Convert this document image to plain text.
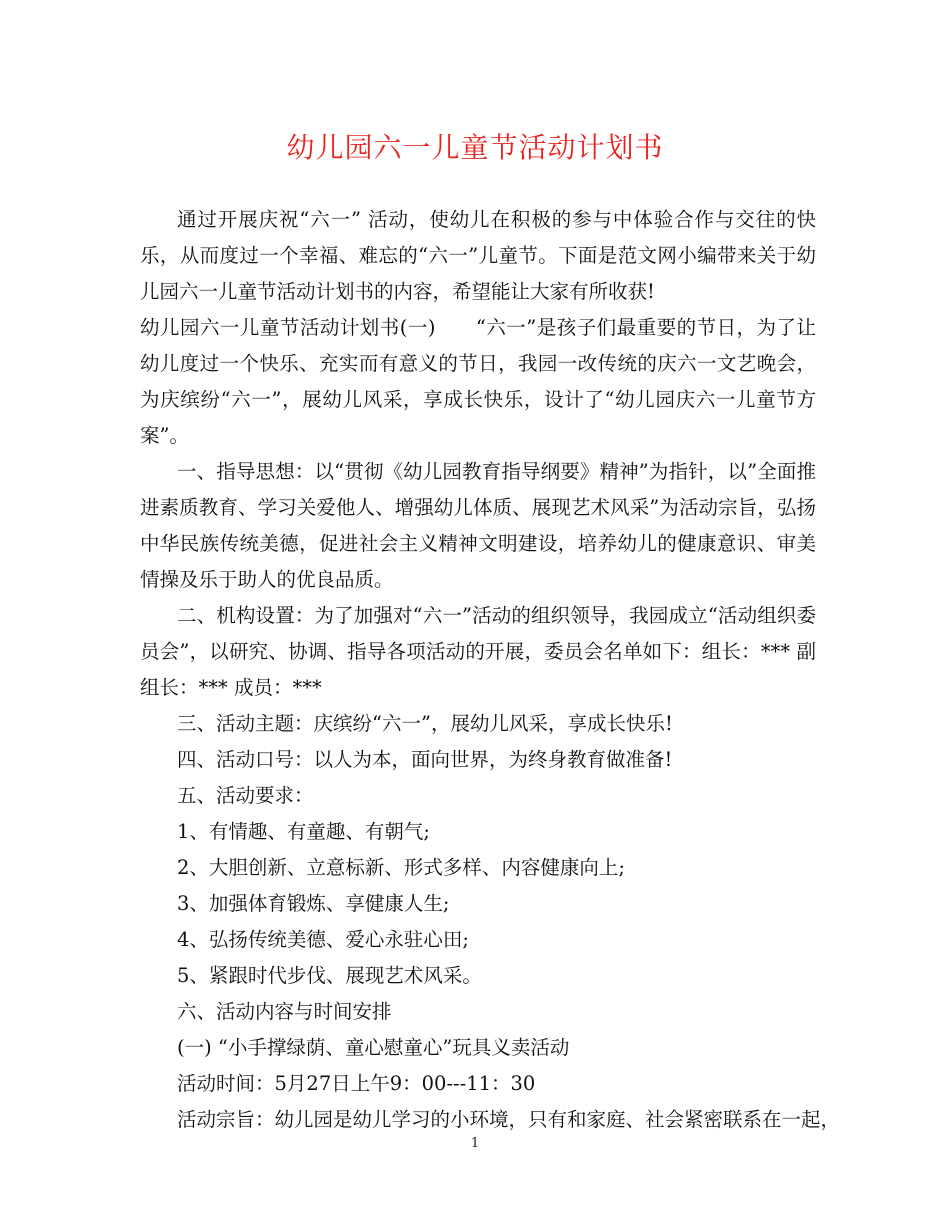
幼儿园六一儿童节活动计划书

通过开展庆祝“六一” 活动，使幼儿在积极的参与中体验合作与交往的快乐，从而度过一个幸福、难忘的“六一”儿童节。下面是范文网小编带来关于幼儿园六一儿童节活动计划书的内容，希望能让大家有所收获!

幼儿园六一儿童节活动计划书(一)　　“六一”是孩子们最重要的节日，为了让幼儿度过一个快乐、充实而有意义的节日，我园一改传统的庆六一文艺晚会，为庆缤纷“六一”，展幼儿风采，享成长快乐，设计了“幼儿园庆六一儿童节方案”。

一、指导思想：以“贯彻《幼儿园教育指导纲要》精神”为指针，以”全面推进素质教育、学习关爱他人、增强幼儿体质、展现艺术风采”为活动宗旨，弘扬中华民族传统美德，促进社会主义精神文明建设，培养幼儿的健康意识、审美情操及乐于助人的优良品质。

二、机构设置：为了加强对“六一”活动的组织领导，我园成立“活动组织委员会”，以研究、协调、指导各项活动的开展，委员会名单如下：组长：*** 副组长：*** 成员：***

三、活动主题：庆缤纷“六一”，展幼儿风采，享成长快乐!

四、活动口号：以人为本，面向世界，为终身教育做准备!

五、活动要求：

1、有情趣、有童趣、有朝气;

2、大胆创新、立意标新、形式多样、内容健康向上;

3、加强体育锻炼、享健康人生;

4、弘扬传统美德、爱心永驻心田;

5、紧跟时代步伐、展现艺术风采。

六、活动内容与时间安排

(一) “小手撑绿荫、童心慰童心”玩具义卖活动

活动时间：5月27日上午9：00---11：30

活动宗旨：幼儿园是幼儿学习的小环境，只有和家庭、社会紧密联系在一起，

1
